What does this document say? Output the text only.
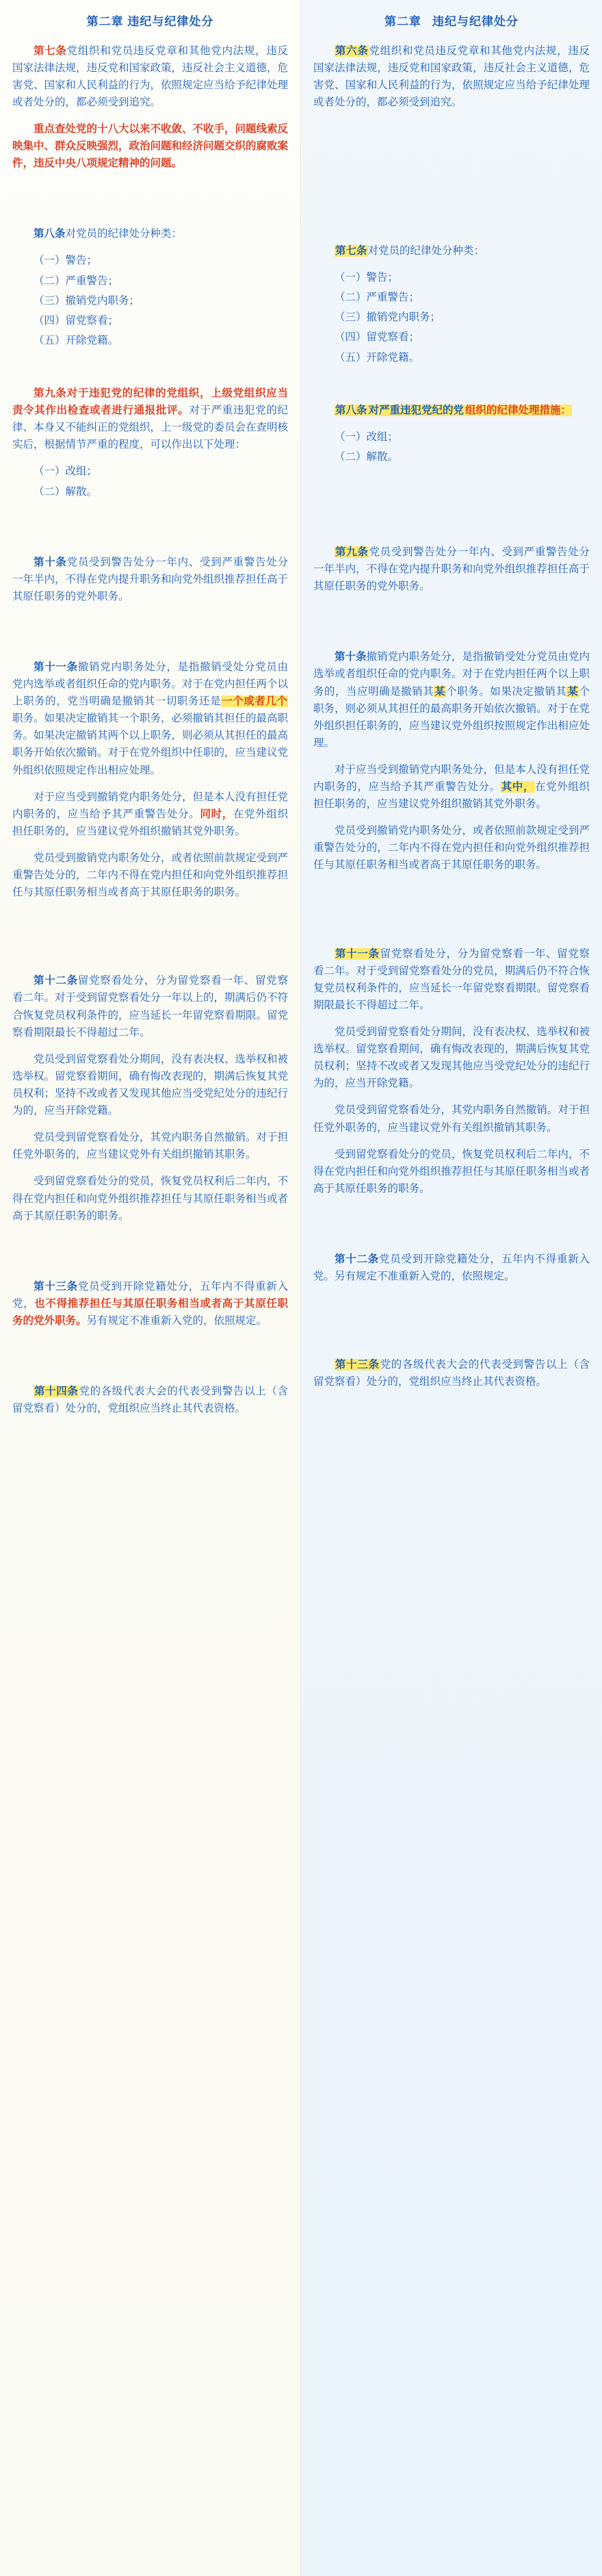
第二章 违纪与纪律处分

第七条党组织和党员违反党章和其他党内法规，违反国家法律法规，违反党和国家政策，违反社会主义道德，危害党、国家和人民利益的行为，依照规定应当给予纪律处理或者处分的，都必须受到追究。

重点查处党的十八大以来不收敛、不收手，问题线索反映集中、群众反映强烈，政治问题和经济问题交织的腐败案件，违反中央八项规定精神的问题。

第八条对党员的纪律处分种类：

（一）警告；

（二）严重警告；

（三）撤销党内职务；

（四）留党察看；

（五）开除党籍。

第九条对于违犯党的纪律的党组织，上级党组织应当责令其作出检查或者进行通报批评。对于严重违犯党的纪律、本身又不能纠正的党组织，上一级党的委员会在查明核实后，根据情节严重的程度，可以作出以下处理：

（一）改组；

（二）解散。

第十条党员受到警告处分一年内、受到严重警告处分一年半内，不得在党内提升职务和向党外组织推荐担任高于其原任职务的党外职务。

第十一条撤销党内职务处分，是指撤销受处分党员由党内选举或者组织任命的党内职务。对于在党内担任两个以上职务的，党当明确是撤销其一切职务还是一个或者几个职务。如果决定撤销其一个职务，必须撤销其担任的最高职务。如果决定撤销其两个以上职务，则必须从其担任的最高职务开始依次撤销。对于在党外组织中任职的，应当建议党外组织依照规定作出相应处理。

对于应当受到撤销党内职务处分，但是本人没有担任党内职务的，应当给予其严重警告处分。同时，在党外组织担任职务的，应当建议党外组织撤销其党外职务。

党员受到撤销党内职务处分，或者依照前款规定受到严重警告处分的，二年内不得在党内担任和向党外组织推荐担任与其原任职务相当或者高于其原任职务的职务。

第十二条留党察看处分，分为留党察看一年、留党察看二年。对于受到留党察看处分一年以上的，期满后仍不符合恢复党员权利条件的，应当延长一年留党察看期限。留党察看期限最长不得超过二年。

党员受到留党察看处分期间，没有表决权、选举权和被选举权。留党察看期间，确有悔改表现的，期满后恢复其党员权利；坚持不改或者又发现其他应当受党纪处分的违纪行为的，应当开除党籍。

党员受到留党察看处分，其党内职务自然撤销。对于担任党外职务的，应当建议党外有关组织撤销其职务。

受到留党察看处分的党员，恢复党员权利后二年内，不得在党内担任和向党外组织推荐担任与其原任职务相当或者高于其原任职务的职务。

第十三条党员受到开除党籍处分，五年内不得重新入党，也不得推荐担任与其原任职务相当或者高于其原任职务的党外职务。另有规定不准重新入党的，依照规定。

第十四条党的各级代表大会的代表受到警告以上（含留党察看）处分的，党组织应当终止其代表资格。

第二章 违纪与纪律处分

第六条党组织和党员违反党章和其他党内法规，违反国家法律法规，违反党和国家政策，违反社会主义道德，危害党、国家和人民利益的行为，依照规定应当给予纪律处理或者处分的，都必须受到追究。

第七条对党员的纪律处分种类：

（一）警告；

（二）严重警告；

（三）撤销党内职务；

（四）留党察看；

（五）开除党籍。

第八条 对严重违犯党纪的党 组织的纪律处理措施：

（一）改组；

（二）解散。

第九条党员受到警告处分一年内、受到严重警告处分一年半内，不得在党内提升职务和向党外组织推荐担任高于其原任职务的党外职务。

第十条撤销党内职务处分，是指撤销受处分党员由党内选举或者组织任命的党内职务。对于在党内担任两个以上职务的，当应明确是撤销其某个职务。如果决定撤销其某个职务，则必须从其担任的最高职务开始依次撤销。对于在党外组织担任职务的，应当建议党外组织按照规定作出相应处理。

对于应当受到撤销党内职务处分，但是本人没有担任党内职务的，应当给予其严重警告处分。其中，在党外组织担任职务的，应当建议党外组织撤销其党外职务。

党员受到撤销党内职务处分，或者依照前款规定受到严重警告处分的，二年内不得在党内担任和向党外组织推荐担任与其原任职务相当或者高于其原任职务的职务。

第十一条留党察看处分，分为留党察看一年、留党察看二年。对于受到留党察看处分的党员，期满后仍不符合恢复党员权利条件的，应当延长一年留党察看期限。留党察看期限最长不得超过二年。

党员受到留党察看处分期间，没有表决权、选举权和被选举权。留党察看期间，确有悔改表现的，期满后恢复其党员权利；坚持不改或者又发现其他应当受党纪处分的违纪行为的，应当开除党籍。

党员受到留党察看处分，其党内职务自然撤销。对于担任党外职务的，应当建议党外有关组织撤销其职务。

受到留党察看处分的党员，恢复党员权利后二年内，不得在党内担任和向党外组织推荐担任与其原任职务相当或者高于其原任职务的职务。

第十二条党员受到开除党籍处分，五年内不得重新入党。另有规定不准重新入党的，依照规定。

第十三条党的各级代表大会的代表受到警告以上（含留党察看）处分的，党组织应当终止其代表资格。
